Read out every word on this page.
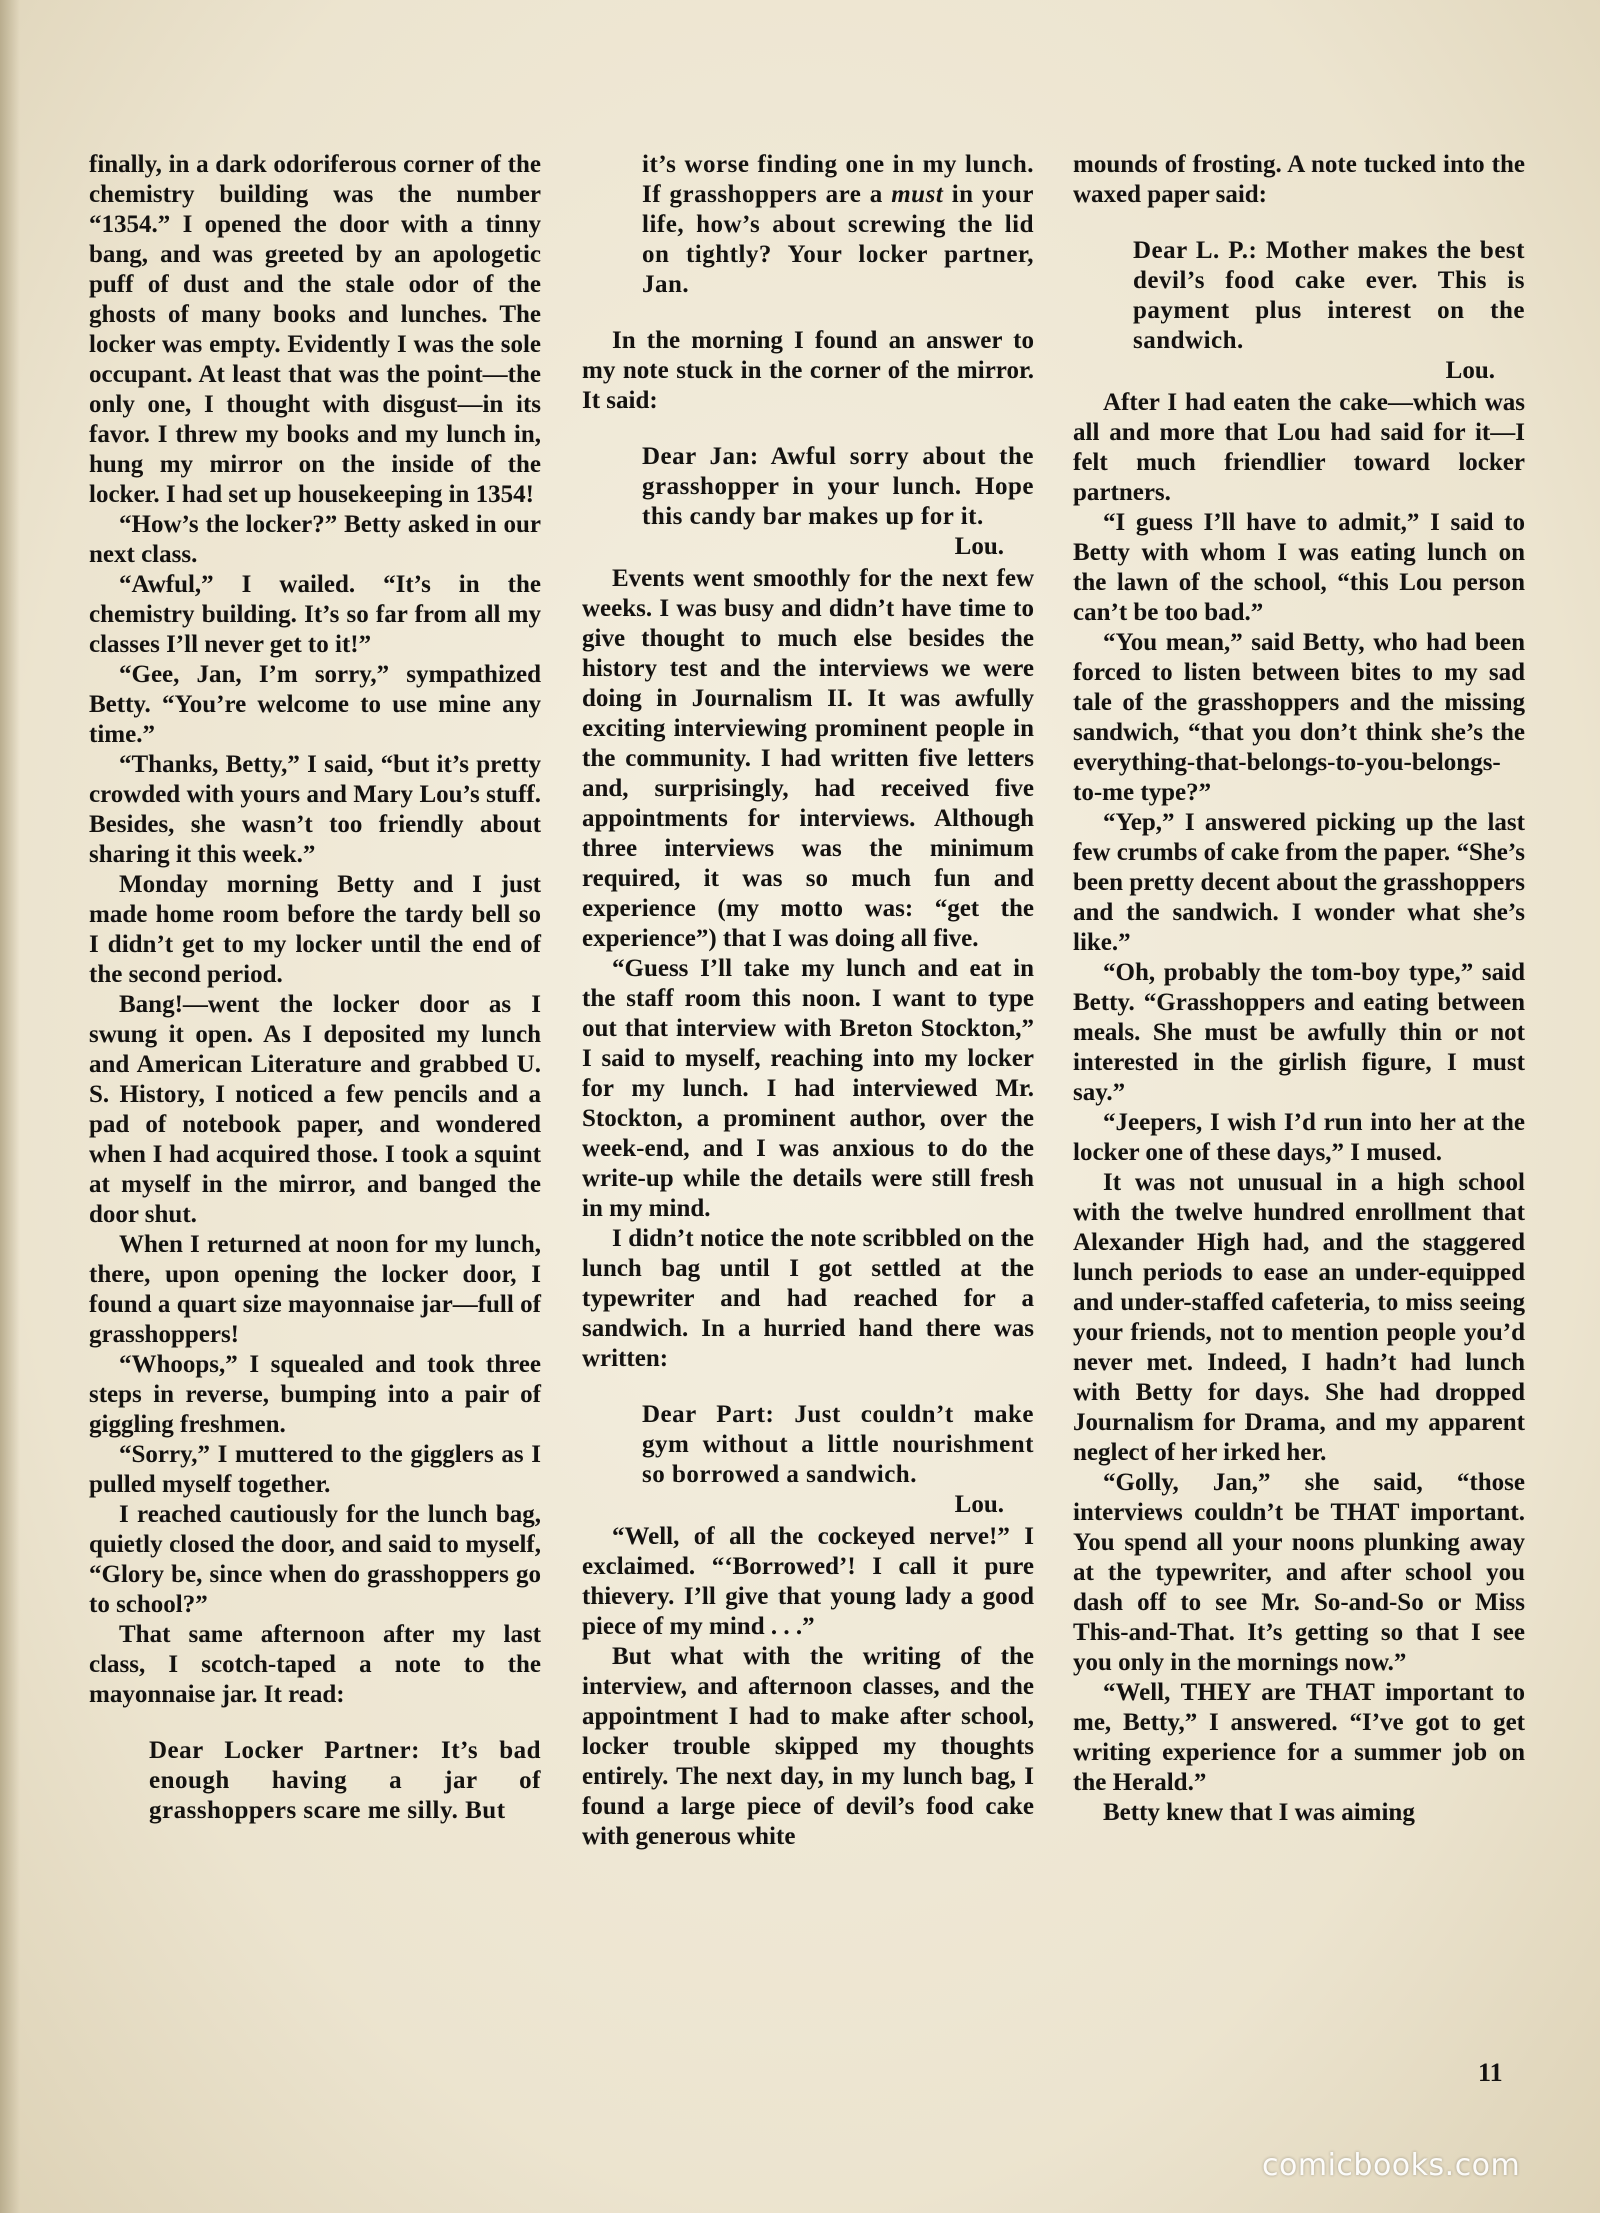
finally, in a dark odoriferous corner of the chemistry building was the number “1354.” I opened the door with a tinny bang, and was greeted by an apologetic puff of dust and the stale odor of the ghosts of many books and lunches. The locker was empty. Evidently I was the sole occupant. At least that was the point—the only one, I thought with disgust—in its favor. I threw my books and my lunch in, hung my mirror on the inside of the locker. I had set up housekeeping in 1354!

“How’s the locker?” Betty asked in our next class.

“Awful,” I wailed. “It’s in the chemistry building. It’s so far from all my classes I’ll never get to it!”

“Gee, Jan, I’m sorry,” sympathized Betty. “You’re welcome to use mine any time.”

“Thanks, Betty,” I said, “but it’s pretty crowded with yours and Mary Lou’s stuff. Besides, she wasn’t too friendly about sharing it this week.”

Monday morning Betty and I just made home room before the tardy bell so I didn’t get to my locker until the end of the second period.

Bang!—went the locker door as I swung it open. As I deposited my lunch and American Literature and grabbed U. S. History, I noticed a few pencils and a pad of notebook paper, and wondered when I had acquired those. I took a squint at myself in the mirror, and banged the door shut.

When I returned at noon for my lunch, there, upon opening the locker door, I found a quart size mayonnaise jar—full of grasshoppers!

“Whoops,” I squealed and took three steps in reverse, bumping into a pair of giggling freshmen.

“Sorry,” I muttered to the gigglers as I pulled myself together.

I reached cautiously for the lunch bag, quietly closed the door, and said to myself, “Glory be, since when do grasshoppers go to school?”

That same afternoon after my last class, I scotch-taped a note to the mayonnaise jar. It read:

Dear Locker Partner: It’s bad enough having a jar of grasshoppers scare me silly. But

it’s worse finding one in my lunch. If grasshoppers are a must in your life, how’s about screwing the lid on tightly? Your locker partner, Jan.

In the morning I found an answer to my note stuck in the corner of the mirror. It said:

Dear Jan: Awful sorry about the grasshopper in your lunch. Hope this candy bar makes up for it.

Lou.

Events went smoothly for the next few weeks. I was busy and didn’t have time to give thought to much else besides the history test and the interviews we were doing in Journalism II. It was awfully exciting interviewing prominent people in the community. I had written five letters and, surprisingly, had received five appointments for interviews. Although three interviews was the minimum required, it was so much fun and experience (my motto was: “get the experience”) that I was doing all five.

“Guess I’ll take my lunch and eat in the staff room this noon. I want to type out that interview with Breton Stockton,” I said to myself, reaching into my locker for my lunch. I had interviewed Mr. Stockton, a prominent author, over the week-end, and I was anxious to do the write-up while the details were still fresh in my mind.

I didn’t notice the note scribbled on the lunch bag until I got settled at the typewriter and had reached for a sandwich. In a hurried hand there was written:

Dear Part: Just couldn’t make gym without a little nourishment so borrowed a sandwich.

Lou.

“Well, of all the cockeyed nerve!” I exclaimed. “‘Borrowed’! I call it pure thievery. I’ll give that young lady a good piece of my mind . . .”

But what with the writing of the interview, and afternoon classes, and the appointment I had to make after school, locker trouble skipped my thoughts entirely. The next day, in my lunch bag, I found a large piece of devil’s food cake with generous white

mounds of frosting. A note tucked into the waxed paper said:

Dear L. P.: Mother makes the best devil’s food cake ever. This is payment plus interest on the sandwich.

Lou.

After I had eaten the cake—which was all and more that Lou had said for it—I felt much friendlier toward locker partners.

“I guess I’ll have to admit,” I said to Betty with whom I was eating lunch on the lawn of the school, “this Lou person can’t be too bad.”

“You mean,” said Betty, who had been forced to listen between bites to my sad tale of the grasshoppers and the missing sandwich, “that you don’t think she’s the everything-that-belongs-to-you-belongs-to-me type?”

“Yep,” I answered picking up the last few crumbs of cake from the paper. “She’s been pretty decent about the grasshoppers and the sandwich. I wonder what she’s like.”

“Oh, probably the tom-boy type,” said Betty. “Grasshoppers and eating between meals. She must be awfully thin or not interested in the girlish figure, I must say.”

“Jeepers, I wish I’d run into her at the locker one of these days,” I mused.

It was not unusual in a high school with the twelve hundred enrollment that Alexander High had, and the staggered lunch periods to ease an under-equipped and under-staffed cafeteria, to miss seeing your friends, not to mention people you’d never met. Indeed, I hadn’t had lunch with Betty for days. She had dropped Journalism for Drama, and my apparent neglect of her irked her.

“Golly, Jan,” she said, “those interviews couldn’t be THAT important. You spend all your noons plunking away at the typewriter, and after school you dash off to see Mr. So-and-So or Miss This-and-That. It’s getting so that I see you only in the mornings now.”

“Well, THEY are THAT important to me, Betty,” I answered. “I’ve got to get writing experience for a summer job on the Herald.”

Betty knew that I was aiming

11
comicbooks.com
